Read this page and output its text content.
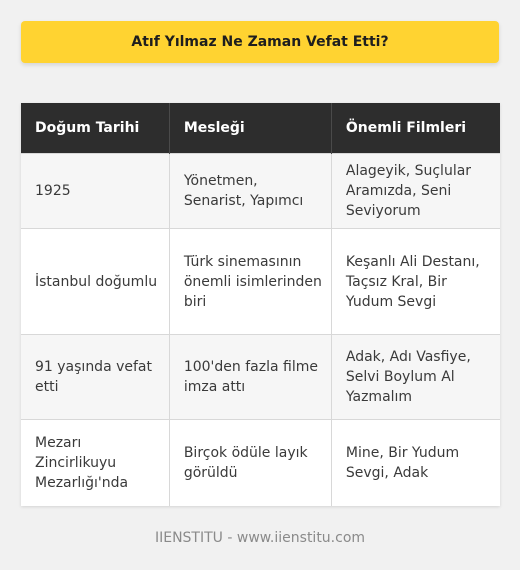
Atıf Yılmaz Ne Zaman Vefat Etti?
Doğum Tarihi	Mesleği	Önemli Filmleri
1925	Yönetmen, Senarist, Yapımcı	Alageyik, Suçlular Aramızda, Seni Seviyorum
İstanbul doğumlu	Türk sinemasının önemli isimlerinden biri	Keşanlı Ali Destanı, Taçsız Kral, Bir Yudum Sevgi
91 yaşında vefat etti	100'den fazla filme imza attı	Adak, Adı Vasfiye, Selvi Boylum Al Yazmalım
Mezarı Zincirlikuyu Mezarlığı'nda	Birçok ödüle layık görüldü	Mine, Bir Yudum Sevgi, Adak
IIENSTITU - www.iienstitu.com
